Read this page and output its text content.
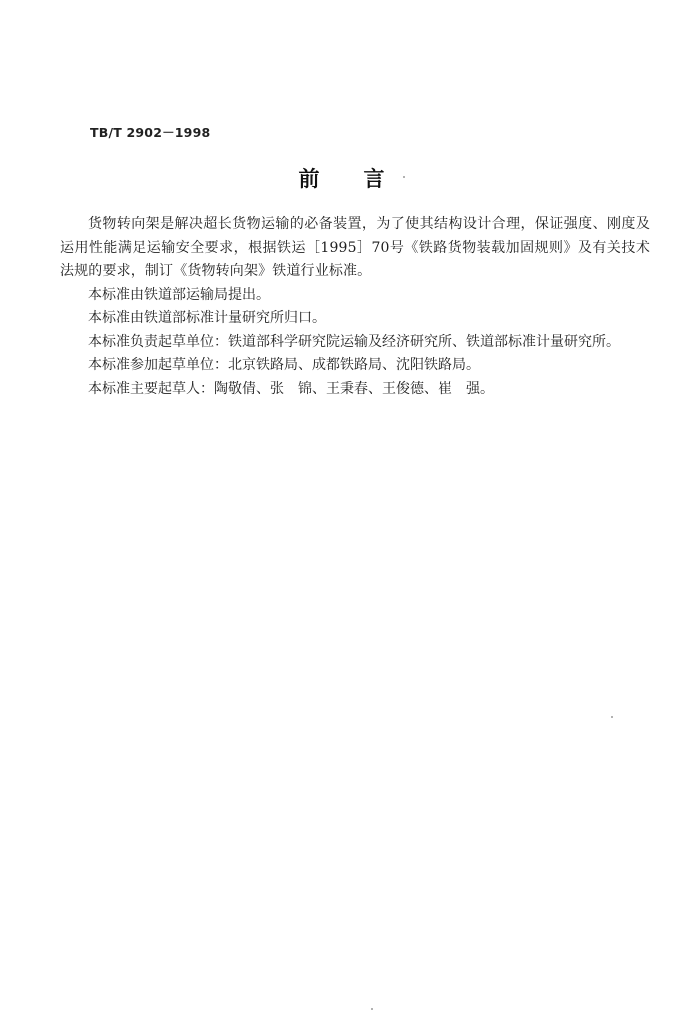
TB/T 2902－1998
前 言

货物转向架是解决超长货物运输的必备装置，为了使其结构设计合理，保证强度、刚度及运用性能满足运输安全要求，根据铁运［1995］70号《铁路货物装载加固规则》及有关技术法规的要求，制订《货物转向架》铁道行业标准。

本标准由铁道部运输局提出。

本标准由铁道部标准计量研究所归口。

本标准负责起草单位：铁道部科学研究院运输及经济研究所、铁道部标准计量研究所。

本标准参加起草单位：北京铁路局、成都铁路局、沈阳铁路局。

本标准主要起草人：陶敬倩、张　锦、王秉春、王俊德、崔　强。
